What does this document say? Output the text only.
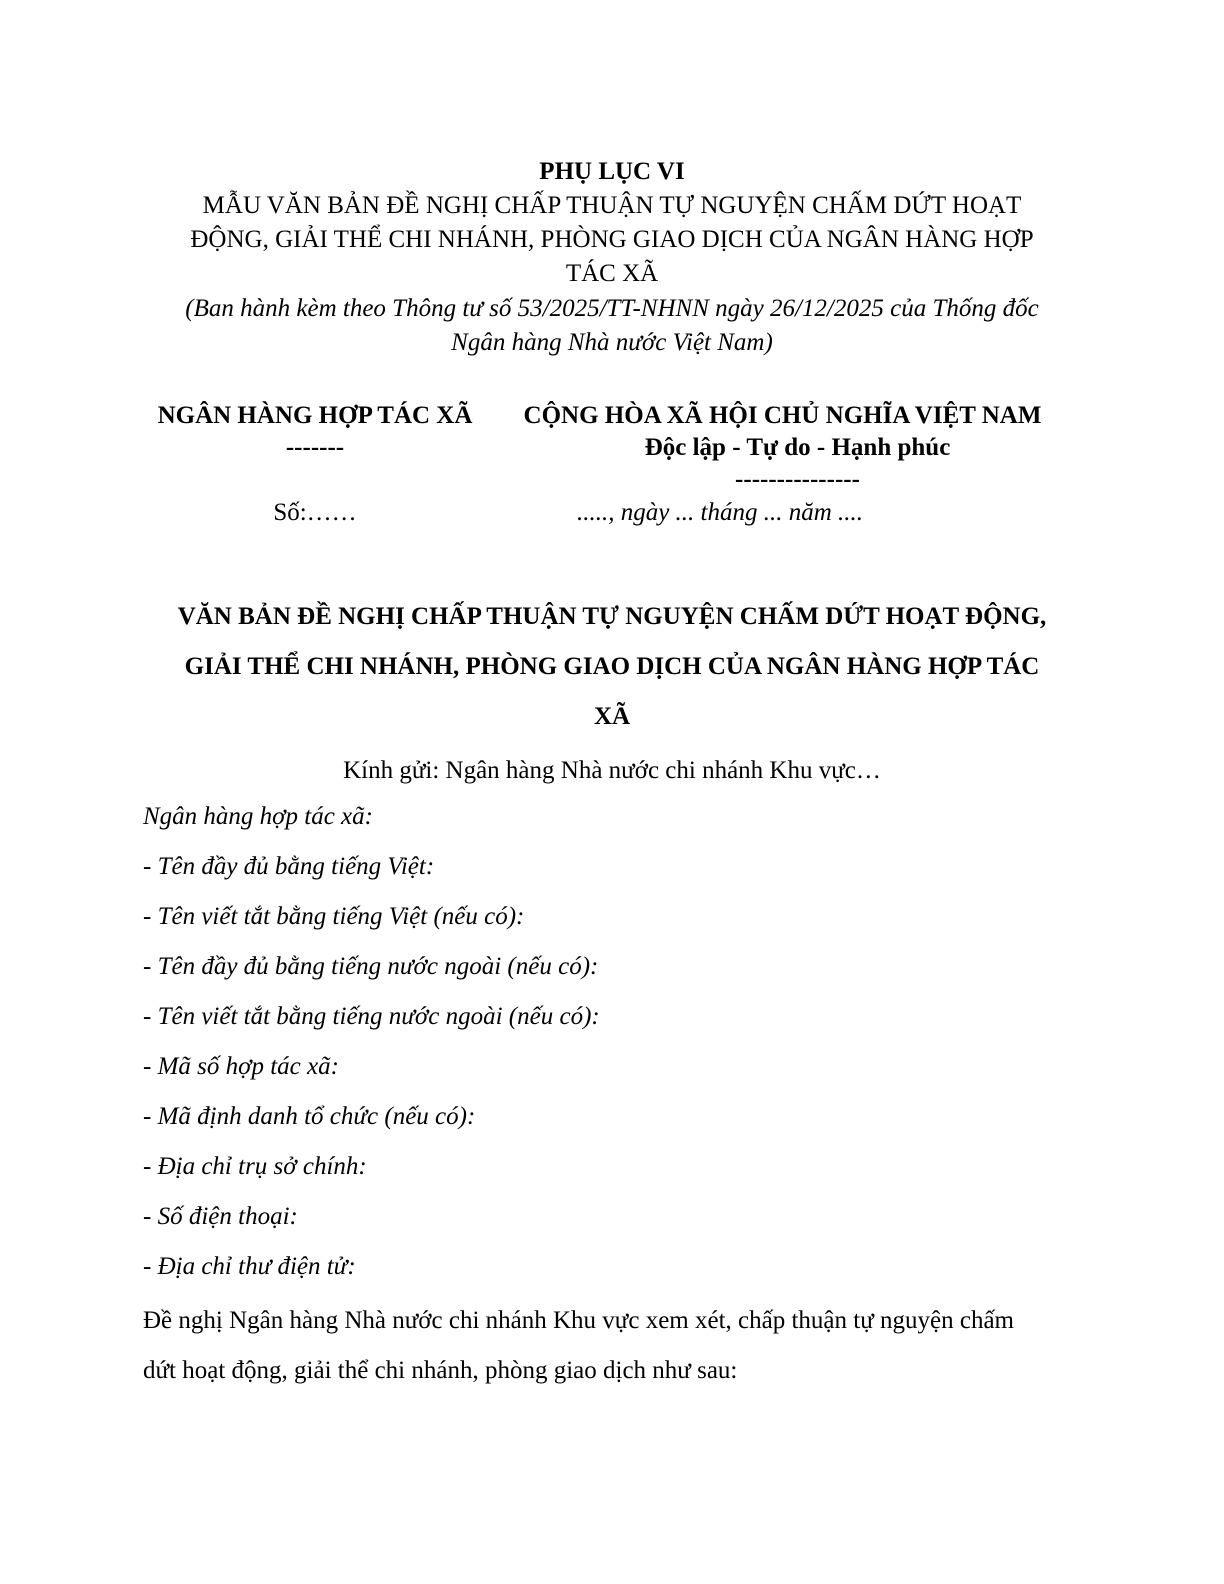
PHỤ LỤC VI
MẪU VĂN BẢN ĐỀ NGHỊ CHẤP THUẬN TỰ NGUYỆN CHẤM DỨT HOẠT
ĐỘNG, GIẢI THỂ CHI NHÁNH, PHÒNG GIAO DỊCH CỦA NGÂN HÀNG HỢP
TÁC XÃ
(Ban hành kèm theo Thông tư số 53/2025/TT-NHNN ngày 26/12/2025 của Thống đốc
Ngân hàng Nhà nước Việt Nam)
NGÂN HÀNG HỢP TÁC XÃ
-------
CỘNG HÒA XÃ HỘI CHỦ NGHĨA VIỆT NAM
Độc lập - Tự do - Hạnh phúc
---------------
Số:……	....., ngày ... tháng ... năm ....
VĂN BẢN ĐỀ NGHỊ CHẤP THUẬN TỰ NGUYỆN CHẤM DỨT HOẠT ĐỘNG,
GIẢI THỂ CHI NHÁNH, PHÒNG GIAO DỊCH CỦA NGÂN HÀNG HỢP TÁC
XÃ
Kính gửi: Ngân hàng Nhà nước chi nhánh Khu vực…
Ngân hàng hợp tác xã:
- Tên đầy đủ bằng tiếng Việt:
- Tên viết tắt bằng tiếng Việt (nếu có):
- Tên đầy đủ bằng tiếng nước ngoài (nếu có):
- Tên viết tắt bằng tiếng nước ngoài (nếu có):
- Mã số hợp tác xã:
- Mã định danh tổ chức (nếu có):
- Địa chỉ trụ sở chính:
- Số điện thoại:
- Địa chỉ thư điện tử:
Đề nghị Ngân hàng Nhà nước chi nhánh Khu vực xem xét, chấp thuận tự nguyện chấm
dứt hoạt động, giải thể chi nhánh, phòng giao dịch như sau:
